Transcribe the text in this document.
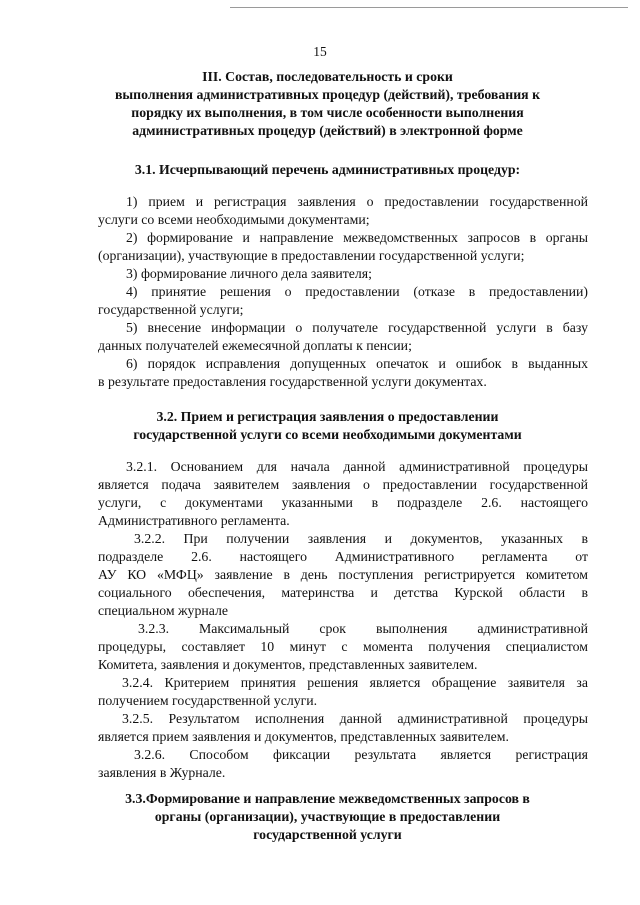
15
III. Состав, последовательность и сроки
выполнения административных процедур (действий), требования к
порядку их выполнения, в том числе особенности выполнения
административных процедур (действий) в электронной форме
3.1. Исчерпывающий перечень административных процедур:
1) прием и регистрация заявления о предоставлении государственной
услуги со всеми необходимыми документами;
2) формирование и направление межведомственных запросов в органы
(организации), участвующие в предоставлении государственной услуги;
3) формирование личного дела заявителя;
4) принятие решения о предоставлении (отказе в предоставлении)
государственной услуги;
5) внесение информации о получателе государственной услуги в базу
данных получателей ежемесячной доплаты к пенсии;
6) порядок исправления допущенных опечаток и ошибок в выданных
в результате предоставления государственной услуги документах.
3.2. Прием и регистрация заявления о предоставлении
государственной услуги со всеми необходимыми документами
3.2.1. Основанием для начала данной административной процедуры
является подача заявителем заявления о предоставлении государственной
услуги, с документами указанными в подразделе 2.6. настоящего
Административного регламента.
3.2.2. При получении заявления и документов, указанных в
подразделе 2.6. настоящего Административного регламента от
АУ КО «МФЦ» заявление в день поступления регистрируется комитетом
социального обеспечения, материнства и детства Курской области в
специальном журнале
3.2.3. Максимальный срок выполнения административной
процедуры, составляет 10 минут с момента получения специалистом
Комитета, заявления и документов, представленных заявителем.
3.2.4. Критерием принятия решения является обращение заявителя за
получением государственной услуги.
3.2.5. Результатом исполнения данной административной процедуры
является прием заявления и документов, представленных заявителем.
3.2.6. Способом фиксации результата является регистрация
заявления в Журнале.
3.3.Формирование и направление межведомственных запросов в
органы (организации), участвующие в предоставлении
государственной услуги
